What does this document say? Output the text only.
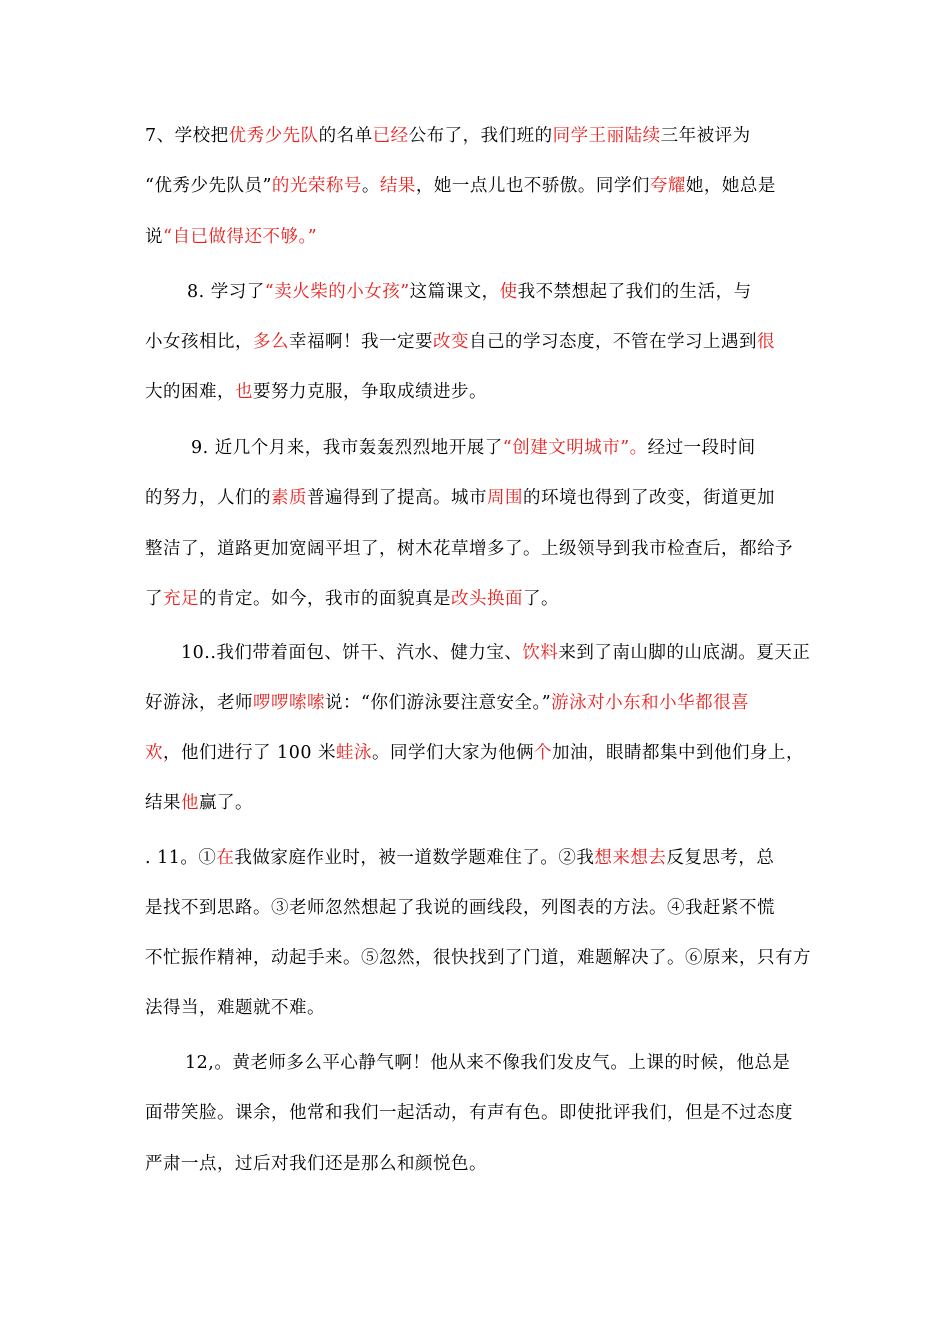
7、学校把优秀少先队的名单已经公布了，我们班的同学王丽陆续三年被评为
“优秀少先队员”的光荣称号。结果，她一点儿也不骄傲。同学们夸耀她，她总是
说“自已做得还不够。”
8. 学习了“卖火柴的小女孩”这篇课文，使我不禁想起了我们的生活，与
小女孩相比，多么幸福啊！我一定要改变自己的学习态度，不管在学习上遇到很
大的困难，也要努力克服，争取成绩进步。
9. 近几个月来，我市轰轰烈烈地开展了“创建文明城市”。经过一段时间
的努力，人们的素质普遍得到了提高。城市周围的环境也得到了改变，街道更加
整洁了，道路更加宽阔平坦了，树木花草增多了。上级领导到我市检查后，都给予
了充足的肯定。如今，我市的面貌真是改头换面了。
10..我们带着面包、饼干、汽水、健力宝、饮料来到了南山脚的山底湖。夏天正
好游泳，老师啰啰嗦嗦说：“你们游泳要注意安全。”游泳对小东和小华都很喜
欢，他们进行了 100 米蛙泳。同学们大家为他俩个加油，眼睛都集中到他们身上，
结果他赢了。
. 11。①在我做家庭作业时，被一道数学题难住了。②我想来想去反复思考，总
是找不到思路。③老师忽然想起了我说的画线段，列图表的方法。④我赶紧不慌
不忙振作精神，动起手来。⑤忽然，很快找到了门道，难题解决了。⑥原来，只有方
法得当，难题就不难。
12,。黄老师多么平心静气啊！他从来不像我们发皮气。上课的时候，他总是
面带笑脸。课余，他常和我们一起活动，有声有色。即使批评我们，但是不过态度
严肃一点，过后对我们还是那么和颜悦色。
